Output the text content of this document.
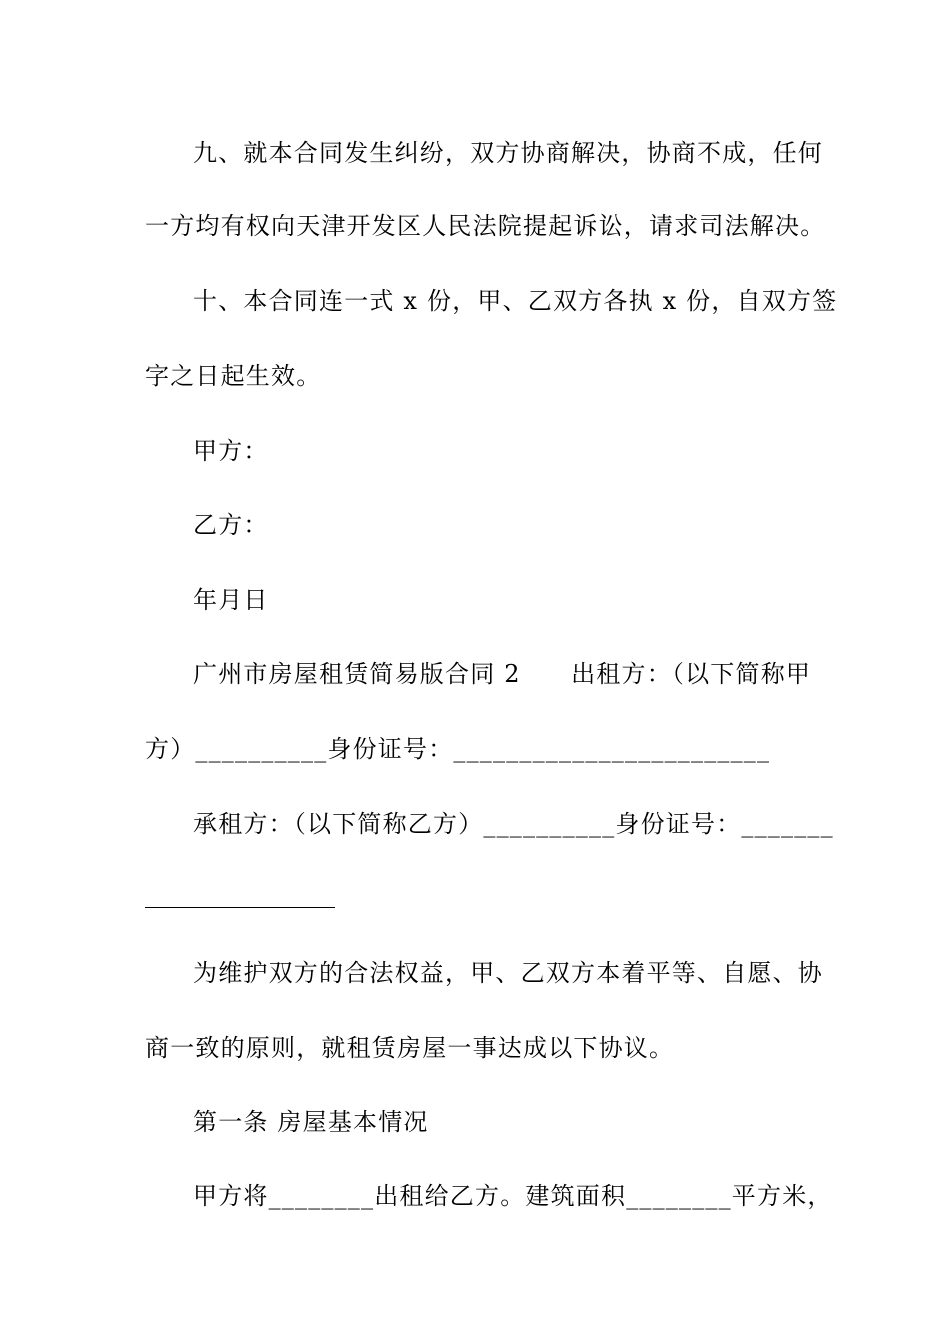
九、就本合同发生纠纷，双方协商解决，协商不成，任何
一方均有权向天津开发区人民法院提起诉讼，请求司法解决。
十、本合同连一式 x 份，甲、乙双方各执 x 份，自双方签
字之日起生效。
甲方：
乙方：
年月日
广州市房屋租赁简易版合同 2　　出租方：（以下简称甲
方）__________身份证号：________________________
承租方：（以下简称乙方）__________身份证号：_______
为维护双方的合法权益，甲、乙双方本着平等、自愿、协
商一致的原则，就租赁房屋一事达成以下协议。
第一条 房屋基本情况
甲方将________出租给乙方。建筑面积________平方米，
